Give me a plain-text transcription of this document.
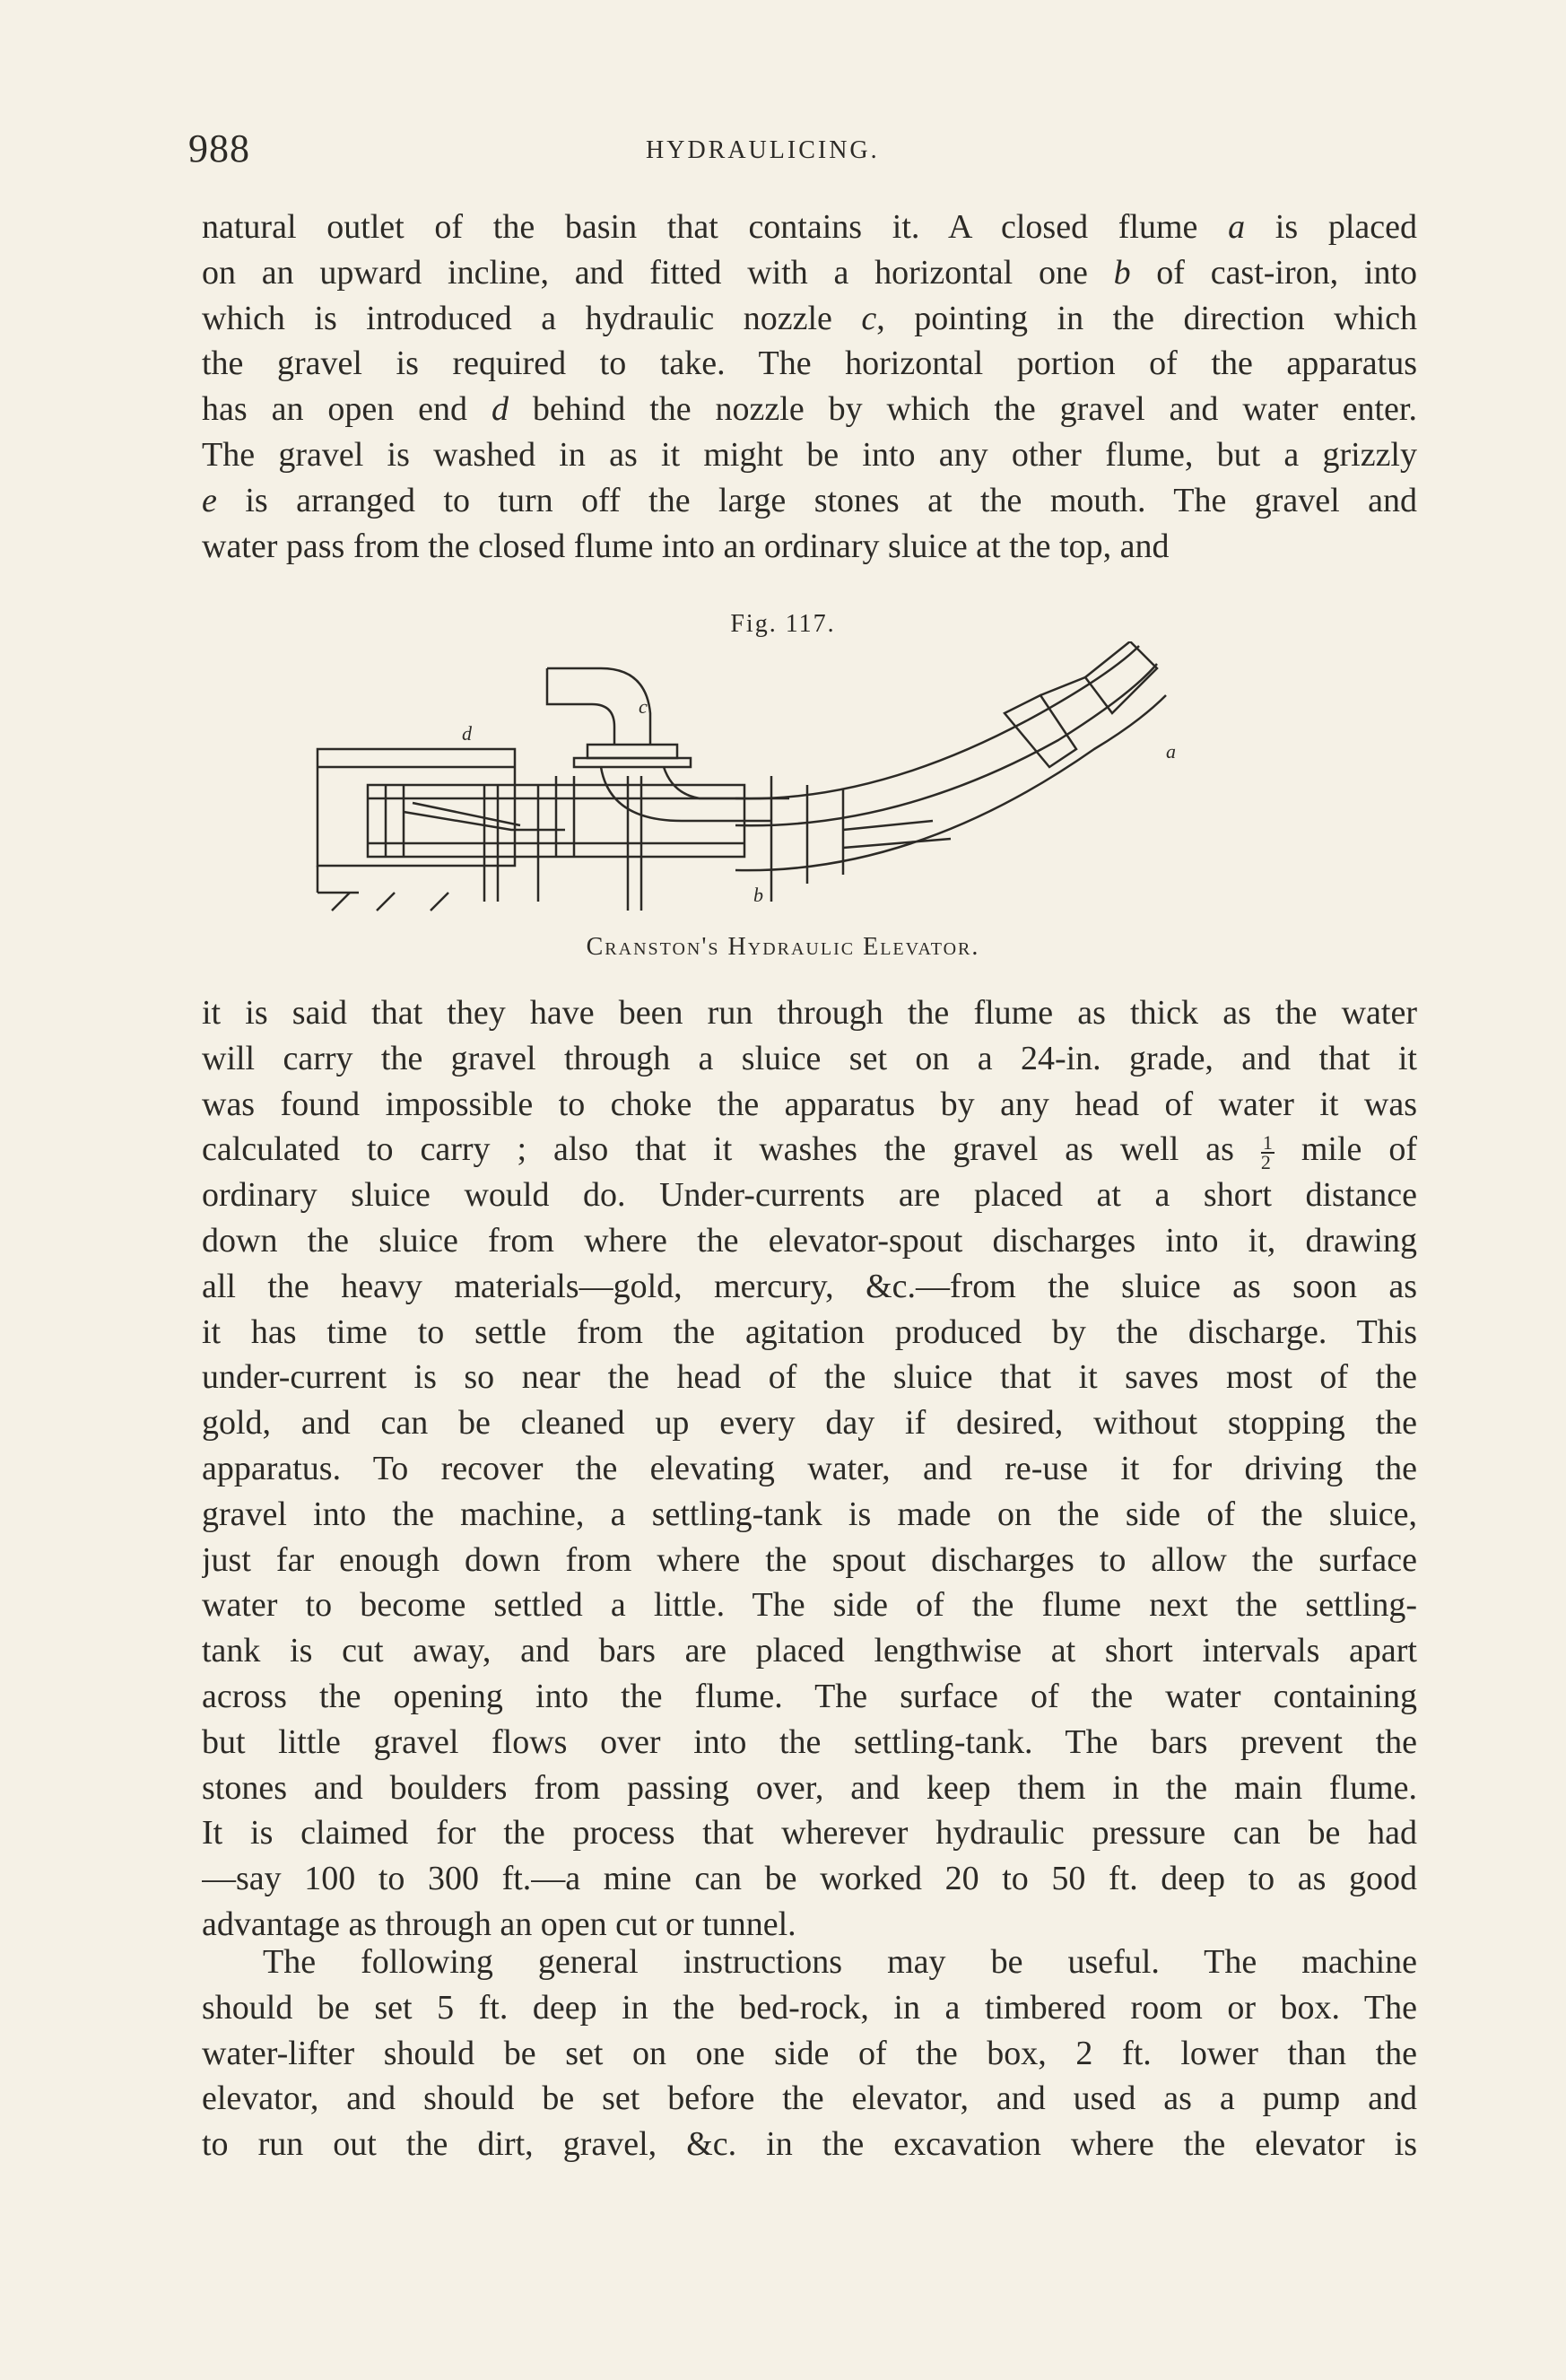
988	HYDRAULICING.
natural outlet of the basin that contains it. A closed flume a is placed
on an upward incline, and fitted with a horizontal one b of cast-iron, into
which is introduced a hydraulic nozzle c, pointing in the direction which
the gravel is required to take. The horizontal portion of the apparatus
has an open end d behind the nozzle by which the gravel and water enter.
The gravel is washed in as it might be into any other flume, but a grizzly
e is arranged to turn off the large stones at the mouth. The gravel and
water pass from the closed flume into an ordinary sluice at the top, and
Fig. 117.
d
c
b
a
Cranston's Hydraulic Elevator.
it is said that they have been run through the flume as thick as the water
will carry the gravel through a sluice set on a 24-in. grade, and that it
was found impossible to choke the apparatus by any head of water it was
calculated to carry ; also that it washes the gravel as well as $\frac{1}{2}$ mile of
ordinary sluice would do. Under-currents are placed at a short distance
down the sluice from where the elevator-spout discharges into it, drawing
all the heavy materials—gold, mercury, &c.—from the sluice as soon as
it has time to settle from the agitation produced by the discharge. This
under-current is so near the head of the sluice that it saves most of the
gold, and can be cleaned up every day if desired, without stopping the
apparatus. To recover the elevating water, and re-use it for driving the
gravel into the machine, a settling-tank is made on the side of the sluice,
just far enough down from where the spout discharges to allow the surface
water to become settled a little. The side of the flume next the settling-
tank is cut away, and bars are placed lengthwise at short intervals apart
across the opening into the flume. The surface of the water containing
but little gravel flows over into the settling-tank. The bars prevent the
stones and boulders from passing over, and keep them in the main flume.
It is claimed for the process that wherever hydraulic pressure can be had
—say 100 to 300 ft.—a mine can be worked 20 to 50 ft. deep to as good
advantage as through an open cut or tunnel.
The following general instructions may be useful. The machine
should be set 5 ft. deep in the bed-rock, in a timbered room or box. The
water-lifter should be set on one side of the box, 2 ft. lower than the
elevator, and should be set before the elevator, and used as a pump and
to run out the dirt, gravel, &c. in the excavation where the elevator is
